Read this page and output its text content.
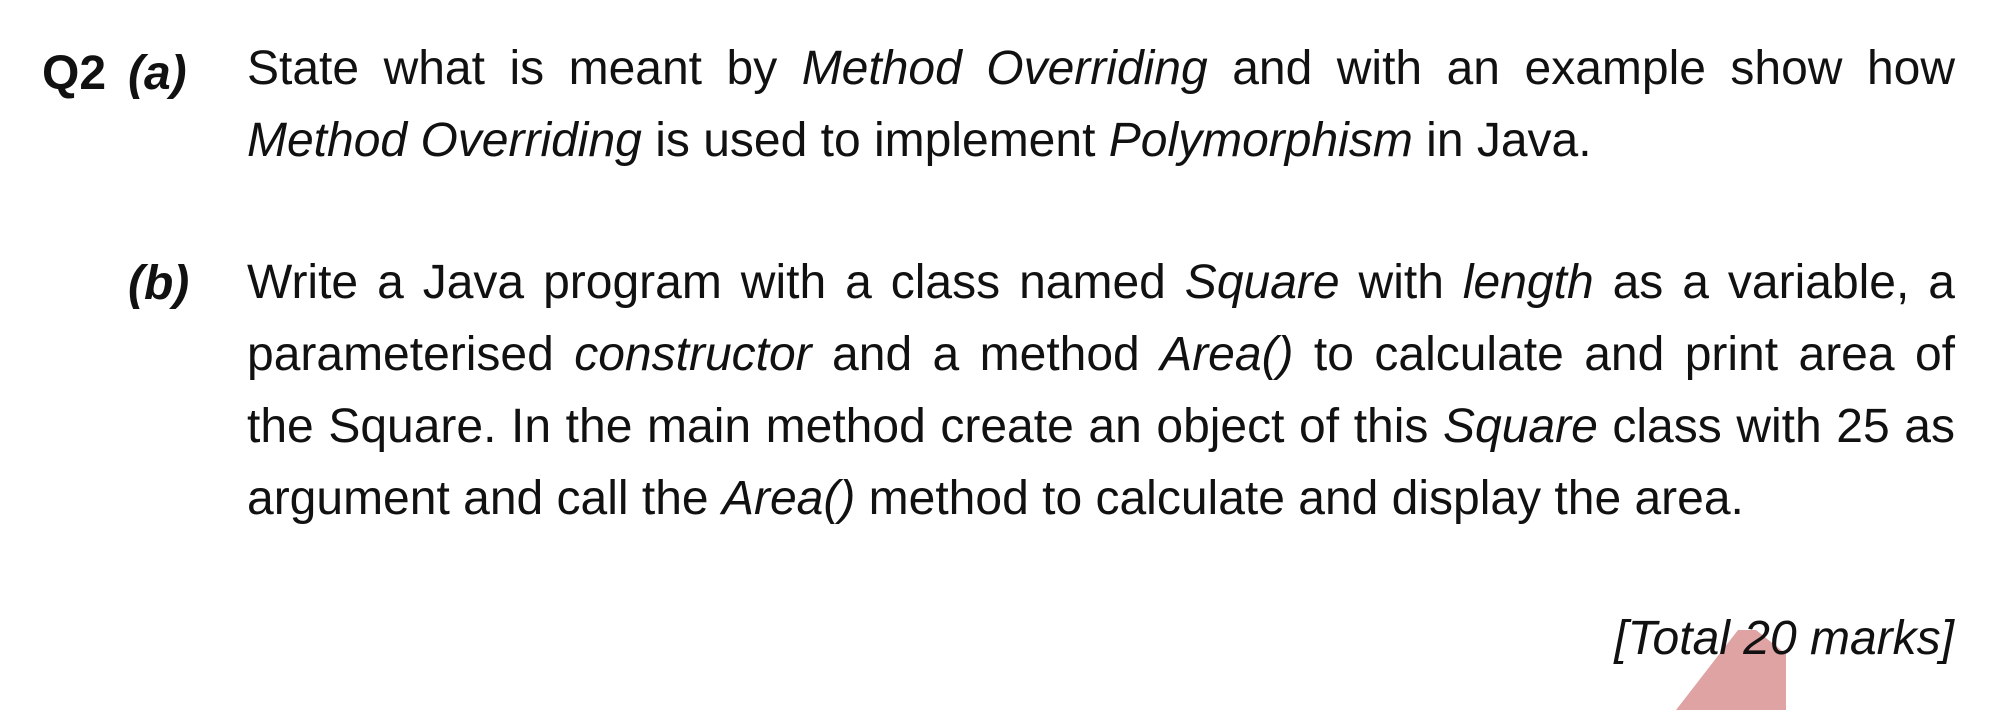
Q2 (a) State what is meant by Method Overriding and with an example show how Method Overriding is used to implement Polymorphism in Java.
(b) Write a Java program with a class named Square with length as a variable, a parameterised constructor and a method Area() to calculate and print area of the Square. In the main method create an object of this Square class with 25 as argument and call the Area() method to calculate and display the area.
[Total 20 marks]
